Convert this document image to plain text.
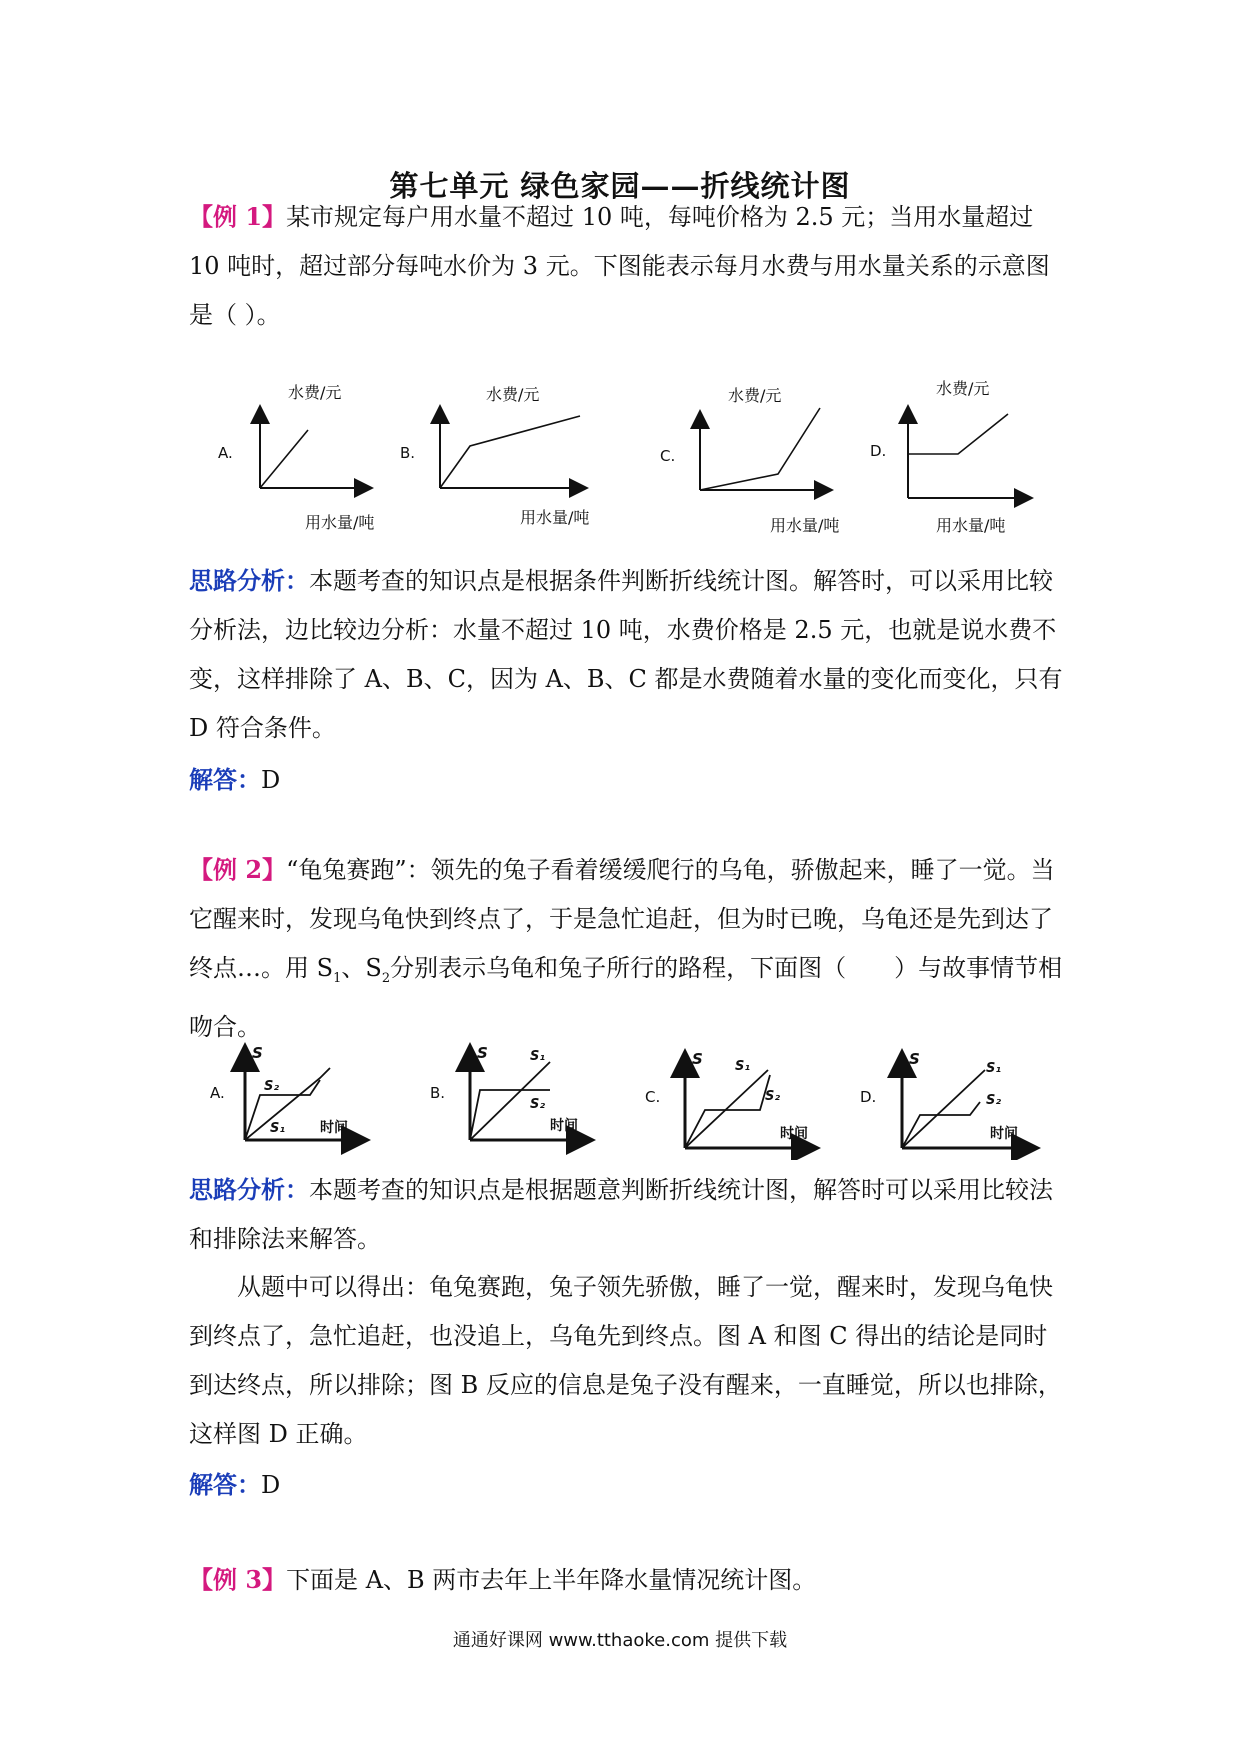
第七单元 绿色家园——折线统计图
【例 1】某市规定每户用水量不超过 10 吨，每吨价格为 2.5 元；当用水量超过 10 吨时，超过部分每吨水价为 3 元。下图能表示每月水费与用水量关系的示意图是（ ）。
A.
水费/元
用水量/吨
B.
水费/元
用水量/吨
C.
水费/元
用水量/吨
D.
水费/元
用水量/吨
思路分析：本题考查的知识点是根据条件判断折线统计图。解答时，可以采用比较分析法，边比较边分析：水量不超过 10 吨，水费价格是 2.5 元，也就是说水费不变，这样排除了 A、B、C，因为 A、B、C 都是水费随着水量的变化而变化，只有 D 符合条件。
解答：D
【例 2】“龟兔赛跑”：领先的兔子看着缓缓爬行的乌龟，骄傲起来，睡了一觉。当它醒来时，发现乌龟快到终点了，于是急忙追赶，但为时已晚，乌龟还是先到达了终点…。用 $S_1$、$S_2$分别表示乌龟和兔子所行的路程，下面图（　　）与故事情节相吻合。
A.
S
S₂
S₁ 时间
B.
S	S₁
S₂
时间
C.
S S₁
S₂
时间
D.
S
S₁
S₂
时间
思路分析：本题考查的知识点是根据题意判断折线统计图，解答时可以采用比较法和排除法来解答。
从题中可以得出：龟兔赛跑，兔子领先骄傲，睡了一觉，醒来时，发现乌龟快到终点了，急忙追赶，也没追上，乌龟先到终点。图 A 和图 C 得出的结论是同时到达终点，所以排除；图 B 反应的信息是兔子没有醒来，一直睡觉，所以也排除，这样图 D 正确。
解答：D
【例 3】下面是 A、B 两市去年上半年降水量情况统计图。
通通好课网 www.tthaoke.com 提供下载
